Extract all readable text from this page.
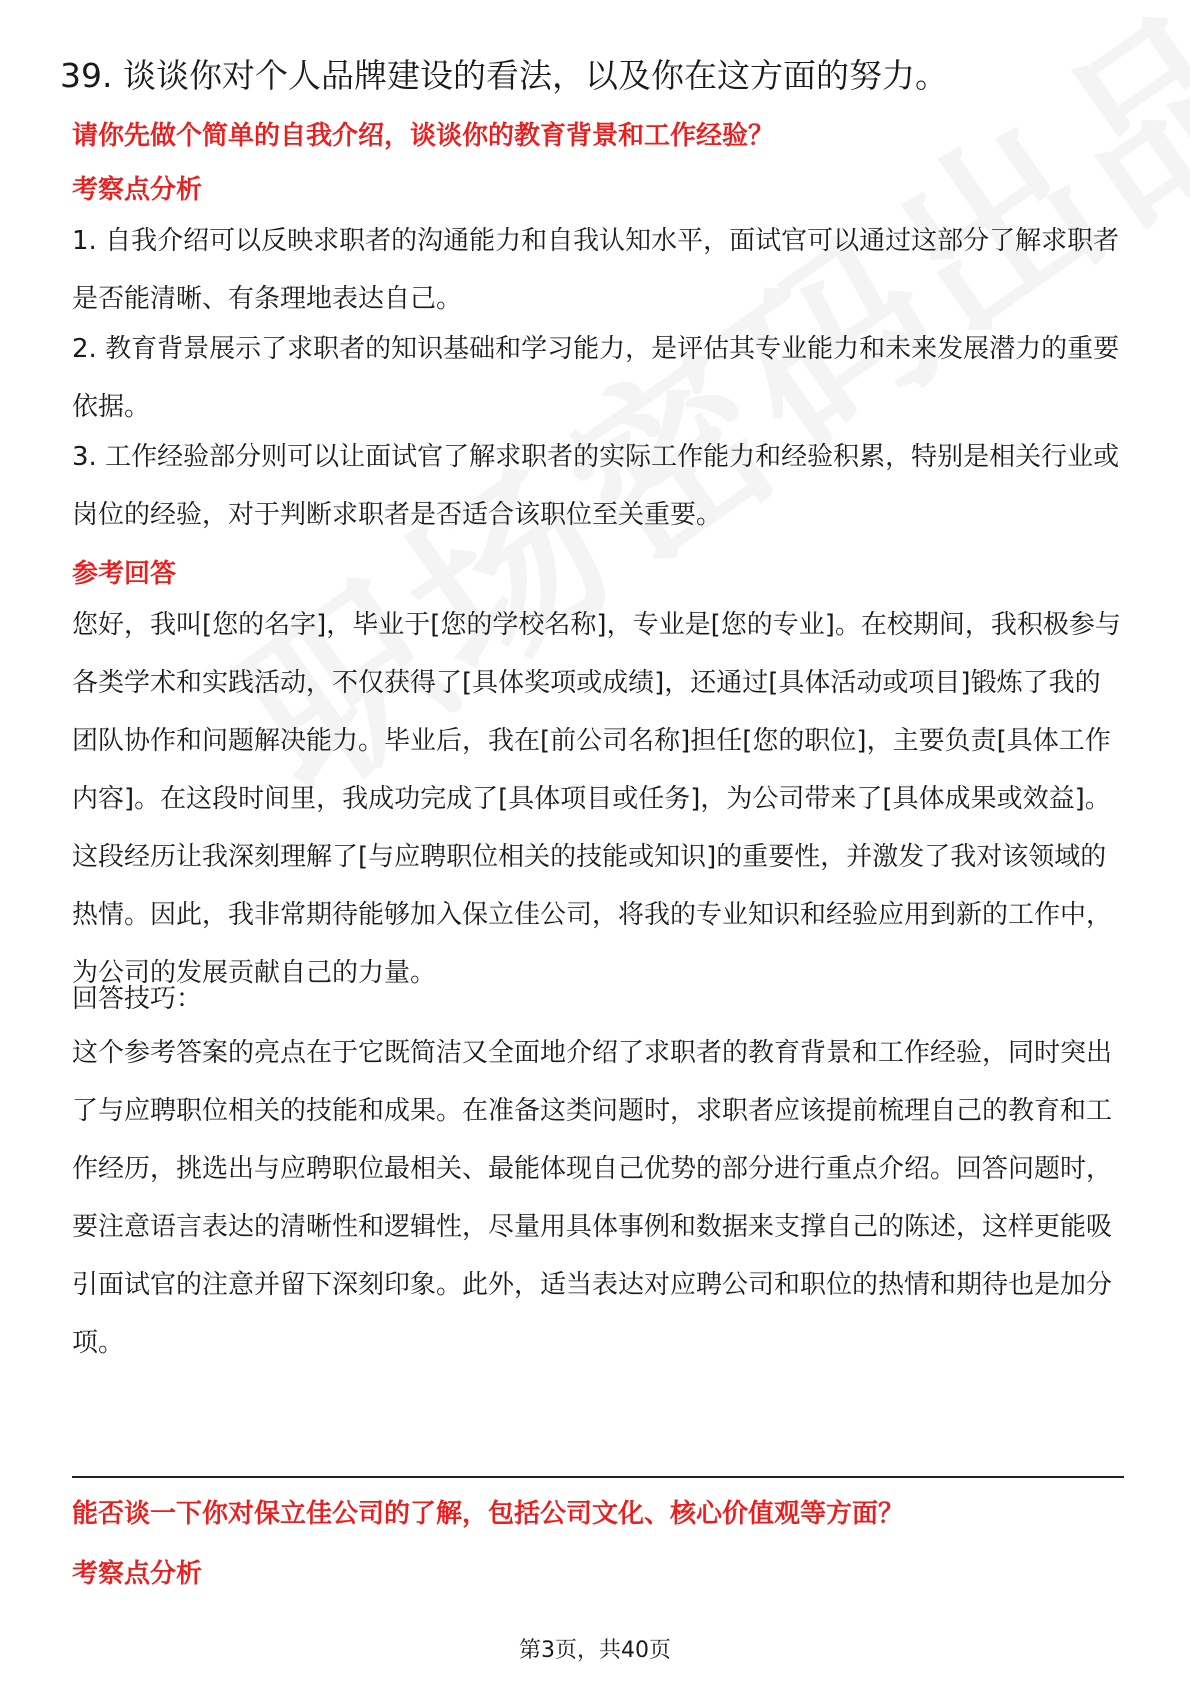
39. 谈谈你对个人品牌建设的看法，以及你在这方面的努力。
请你先做个简单的自我介绍，谈谈你的教育背景和工作经验？
考察点分析

1. 自我介绍可以反映求职者的沟通能力和自我认知水平，面试官可以通过这部分了解求职者是否能清晰、有条理地表达自己。

2. 教育背景展示了求职者的知识基础和学习能力，是评估其专业能力和未来发展潜力的重要依据。

3. 工作经验部分则可以让面试官了解求职者的实际工作能力和经验积累，特别是相关行业或岗位的经验，对于判断求职者是否适合该职位至关重要。

参考回答

您好，我叫[您的名字]，毕业于[您的学校名称]，专业是[您的专业]。在校期间，我积极参与各类学术和实践活动，不仅获得了[具体奖项或成绩]，还通过[具体活动或项目]锻炼了我的团队协作和问题解决能力。毕业后，我在[前公司名称]担任[您的职位]，主要负责[具体工作内容]。在这段时间里，我成功完成了[具体项目或任务]，为公司带来了[具体成果或效益]。这段经历让我深刻理解了[与应聘职位相关的技能或知识]的重要性，并激发了我对该领域的热情。因此，我非常期待能够加入保立佳公司，将我的专业知识和经验应用到新的工作中，为公司的发展贡献自己的力量。

回答技巧：

这个参考答案的亮点在于它既简洁又全面地介绍了求职者的教育背景和工作经验，同时突出了与应聘职位相关的技能和成果。在准备这类问题时，求职者应该提前梳理自己的教育和工作经历，挑选出与应聘职位最相关、最能体现自己优势的部分进行重点介绍。回答问题时，要注意语言表达的清晰性和逻辑性，尽量用具体事例和数据来支撑自己的陈述，这样更能吸引面试官的注意并留下深刻印象。此外，适当表达对应聘公司和职位的热情和期待也是加分项。

能否谈一下你对保立佳公司的了解，包括公司文化、核心价值观等方面？
考察点分析
第3页，共40页
